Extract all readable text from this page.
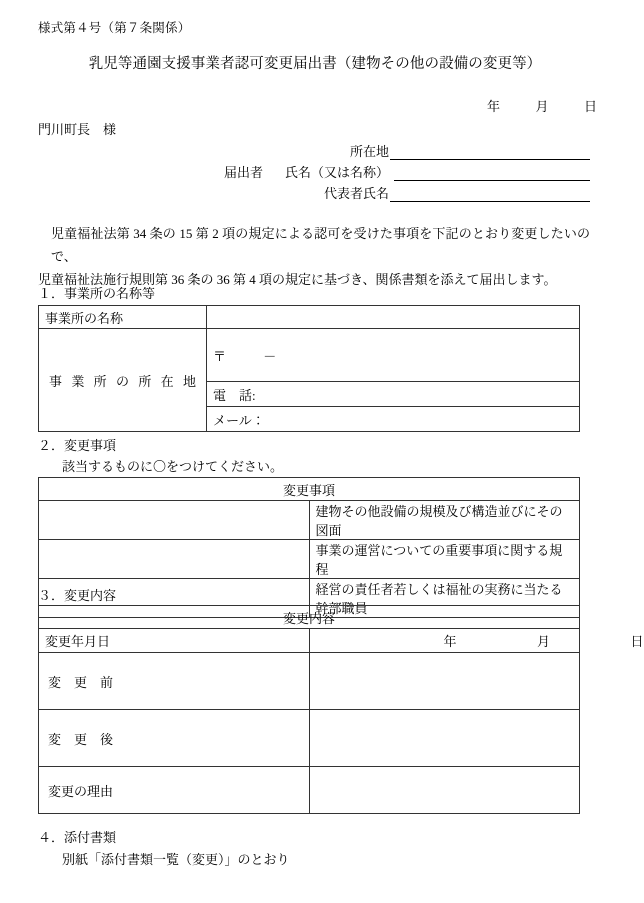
様式第４号（第７条関係）
乳児等通園支援事業者認可変更届出書（建物その他の設備の変更等）
年	月	日
門川町長　様
所在地
届出者	氏名（又は名称）
代表者氏名
児童福祉法第 34 条の 15 第 2 項の規定による認可を受けた事項を下記のとおり変更したいので、
児童福祉法施行規則第 36 条の 36 第 4 項の規定に基づき、関係書類を添えて届出します。
１．事業所の名称等
事業所の名称	
事業所の所在地	〒 －
	電　話:
	メール：
２．変更事項
該当するものに〇をつけてください。
変更事項	
	建物その他設備の規模及び構造並びにその図面
	事業の運営についての重要事項に関する規程
	経営の責任者若しくは福祉の実務に当たる幹部職員
３．変更内容
変更内容	
変更年月日	年 月 日

変　更　前	

変　更　後	

変更の理由	

４．添付書類
別紙「添付書類一覧（変更）」のとおり
